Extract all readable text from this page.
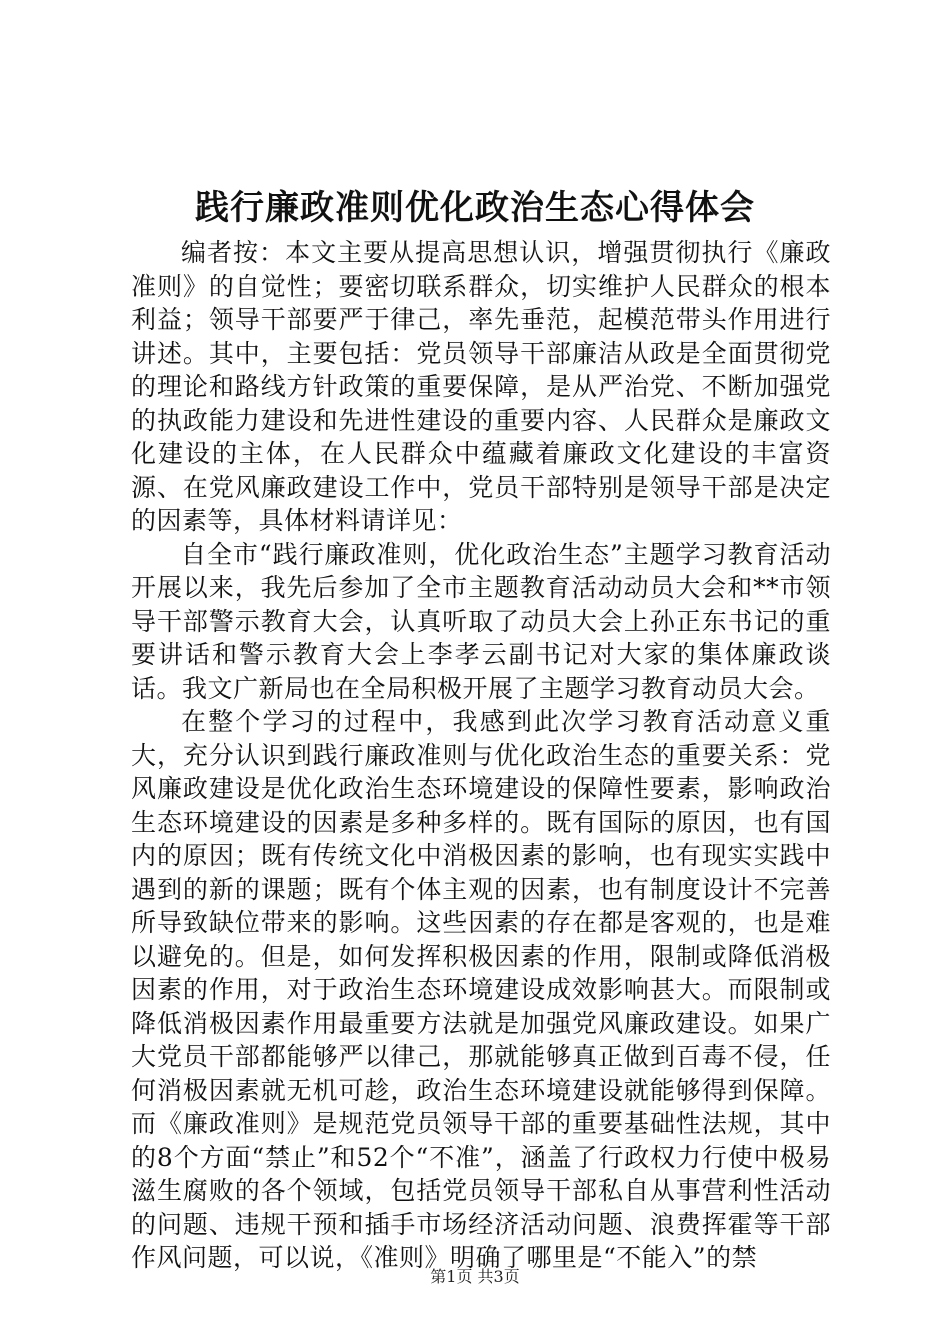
践行廉政准则优化政治生态心得体会

编者按：本文主要从提高思想认识，增强贯彻执行《廉政准则》的自觉性；要密切联系群众，切实维护人民群众的根本利益；领导干部要严于律己，率先垂范，起模范带头作用进行讲述。其中，主要包括：党员领导干部廉洁从政是全面贯彻党的理论和路线方针政策的重要保障，是从严治党、不断加强党的执政能力建设和先进性建设的重要内容、人民群众是廉政文化建设的主体，在人民群众中蕴藏着廉政文化建设的丰富资源、在党风廉政建设工作中，党员干部特别是领导干部是决定的因素等，具体材料请详见：

自全市“践行廉政准则，优化政治生态”主题学习教育活动开展以来，我先后参加了全市主题教育活动动员大会和**市领导干部警示教育大会，认真听取了动员大会上孙正东书记的重要讲话和警示教育大会上李孝云副书记对大家的集体廉政谈话。我文广新局也在全局积极开展了主题学习教育动员大会。

在整个学习的过程中，我感到此次学习教育活动意义重大，充分认识到践行廉政准则与优化政治生态的重要关系：党风廉政建设是优化政治生态环境建设的保障性要素，影响政治生态环境建设的因素是多种多样的。既有国际的原因，也有国内的原因；既有传统文化中消极因素的影响，也有现实实践中遇到的新的课题；既有个体主观的因素，也有制度设计不完善所导致缺位带来的影响。这些因素的存在都是客观的，也是难以避免的。但是，如何发挥积极因素的作用，限制或降低消极因素的作用，对于政治生态环境建设成效影响甚大。而限制或降低消极因素作用最重要方法就是加强党风廉政建设。如果广大党员干部都能够严以律己，那就能够真正做到百毒不侵，任何消极因素就无机可趁，政治生态环境建设就能够得到保障。而《廉政准则》是规范党员领导干部的重要基础性法规，其中的8个方面“禁止”和52个“不准”，涵盖了行政权力行使中极易滋生腐败的各个领域，包括党员领导干部私自从事营利性活动的问题、违规干预和插手市场经济活动问题、浪费挥霍等干部作风问题，可以说，《准则》明确了哪里是“不能入”的禁

第1页 共3页
